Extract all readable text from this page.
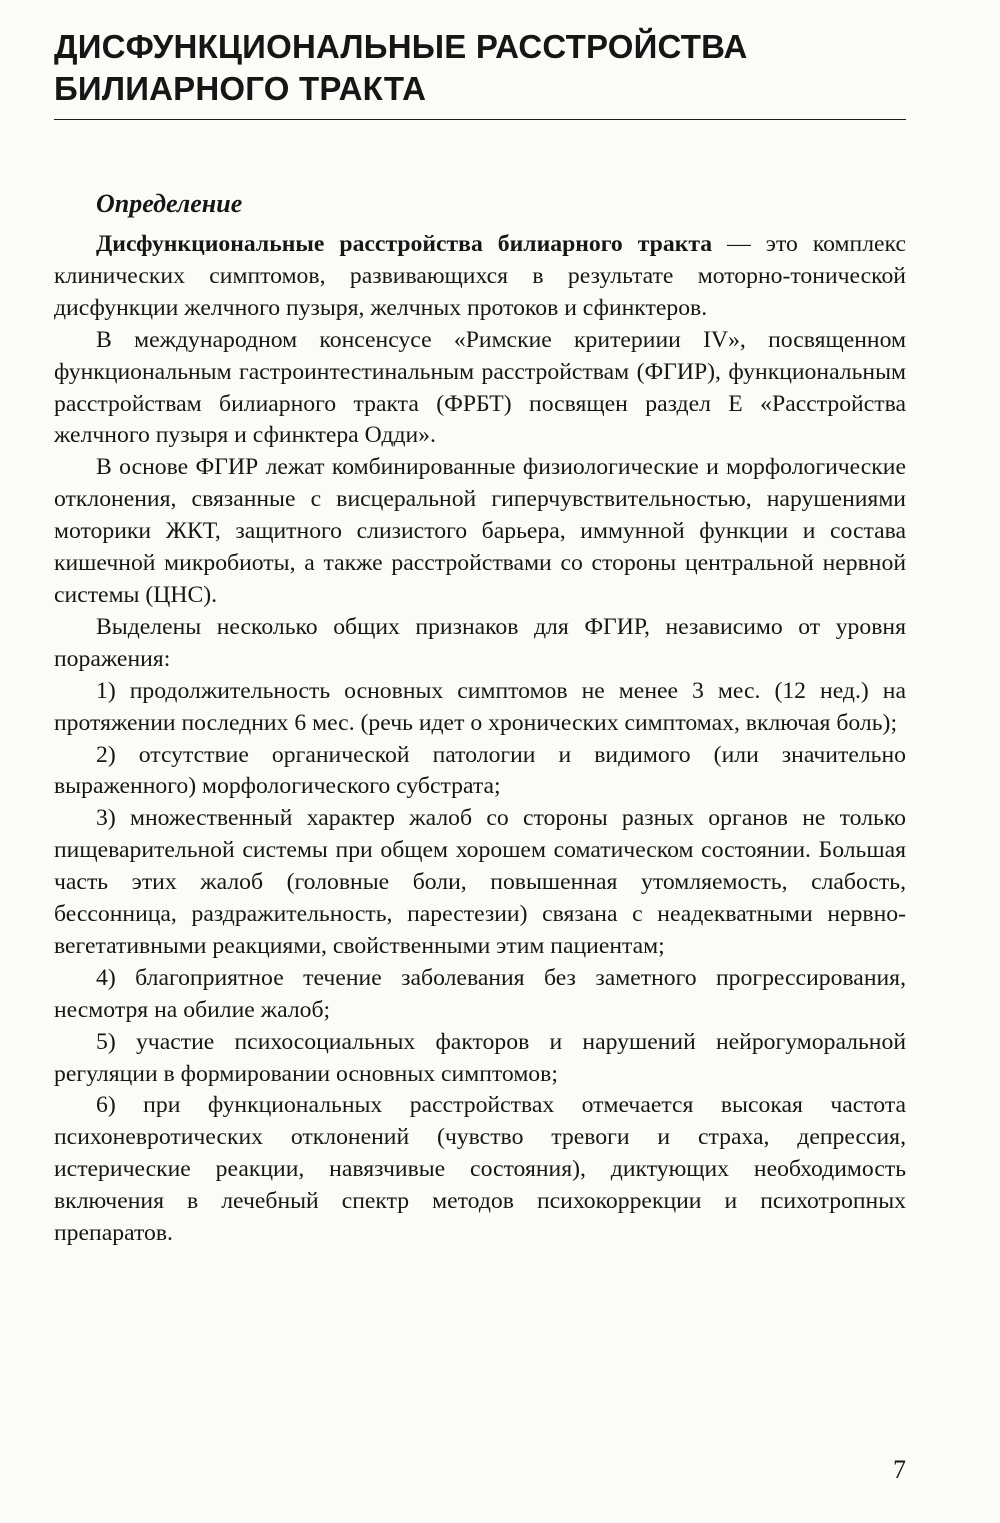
ДИСФУНКЦИОНАЛЬНЫЕ РАССТРОЙСТВА
БИЛИАРНОГО ТРАКТА
Определение

Дисфункциональные расстройства билиарного тракта — это комплекс клинических симптомов, развивающихся в результате моторно-тонической дисфункции желчного пузыря, желчных протоков и сфинктеров.

В международном консенсусе «Римские критериии IV», посвященном функциональным гастроинтестинальным расстройствам (ФГИР), функциональным расстройствам билиарного тракта (ФРБТ) посвящен раздел Е «Расстройства желчного пузыря и сфинктера Одди».

В основе ФГИР лежат комбинированные физиологические и морфологические отклонения, связанные с висцеральной гиперчувствительностью, нарушениями моторики ЖКТ, защитного слизистого барьера, иммунной функции и состава кишечной микробиоты, а также расстройствами со стороны центральной нервной системы (ЦНС).

Выделены несколько общих признаков для ФГИР, независимо от уровня поражения:

1) продолжительность основных симптомов не менее 3 мес. (12 нед.) на протяжении последних 6 мес. (речь идет о хронических симптомах, включая боль);

2) отсутствие органической патологии и видимого (или значительно выраженного) морфологического субстрата;

3) множественный характер жалоб со стороны разных органов не только пищеварительной системы при общем хорошем соматическом состоянии. Большая часть этих жалоб (головные боли, повышенная утомляемость, слабость, бессонница, раздражительность, парестезии) связана с неадекватными нервно-вегетативными реакциями, свойственными этим пациентам;

4) благоприятное течение заболевания без заметного прогрессирования, несмотря на обилие жалоб;

5) участие психосоциальных факторов и нарушений нейрогуморальной регуляции в формировании основных симптомов;

6) при функциональных расстройствах отмечается высокая частота психоневротических отклонений (чувство тревоги и страха, депрессия, истерические реакции, навязчивые состояния), диктующих необходимость включения в лечебный спектр методов психокоррекции и психотропных препаратов.

7
